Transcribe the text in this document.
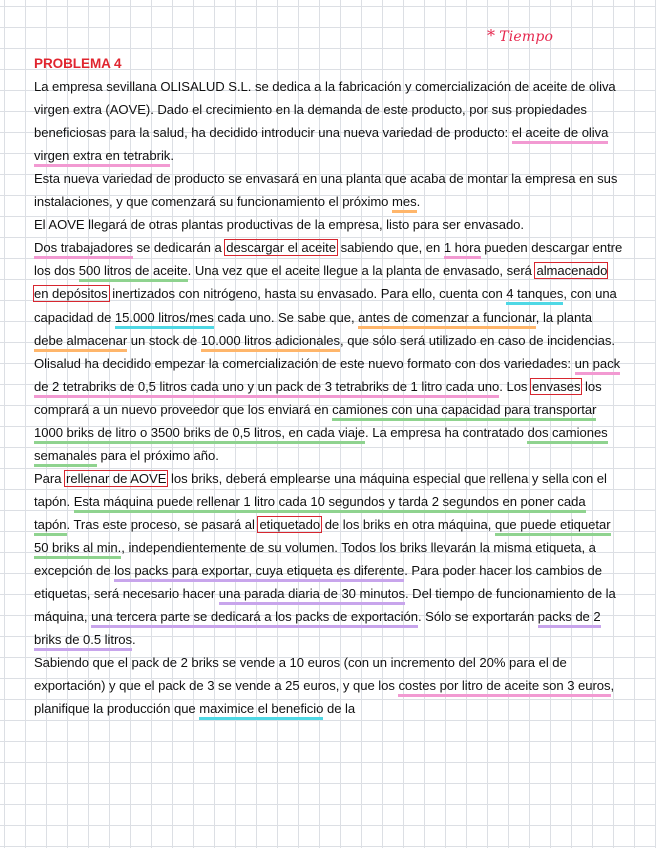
* Tiempo
PROBLEMA 4

La empresa sevillana OLISALUD S.L. se dedica a la fabricación y comercialización de aceite de oliva virgen extra (AOVE). Dado el crecimiento en la demanda de este producto, por sus propiedades beneficiosas para la salud, ha decidido introducir una nueva variedad de producto: el aceite de oliva virgen extra en tetrabrik.

Esta nueva variedad de producto se envasará en una planta que acaba de montar la empresa en sus instalaciones, y que comenzará su funcionamiento el próximo mes.

El AOVE llegará de otras plantas productivas de la empresa, listo para ser envasado.

Dos trabajadores se dedicarán a descargar el aceite sabiendo que, en 1 hora pueden descargar entre los dos 500 litros de aceite. Una vez que el aceite llegue a la planta de envasado, será almacenado en depósitos inertizados con nitrógeno, hasta su envasado. Para ello, cuenta con 4 tanques, con una capacidad de 15.000 litros/mes cada uno. Se sabe que, antes de comenzar a funcionar, la planta debe almacenar un stock de 10.000 litros adicionales, que sólo será utilizado en caso de incidencias.

Olisalud ha decidido empezar la comercialización de este nuevo formato con dos variedades: un pack de 2 tetrabriks de 0,5 litros cada uno y un pack de 3 tetrabriks de 1 litro cada uno. Los envases los comprará a un nuevo proveedor que los enviará en camiones con una capacidad para transportar 1000 briks de litro o 3500 briks de 0,5 litros, en cada viaje. La empresa ha contratado dos camiones semanales para el próximo año.

Para rellenar de AOVE los briks, deberá emplearse una máquina especial que rellena y sella con el tapón. Esta máquina puede rellenar 1 litro cada 10 segundos y tarda 2 segundos en poner cada tapón. Tras este proceso, se pasará al etiquetado de los briks en otra máquina, que puede etiquetar 50 briks al min., independientemente de su volumen. Todos los briks llevarán la misma etiqueta, a excepción de los packs para exportar, cuya etiqueta es diferente. Para poder hacer los cambios de etiquetas, será necesario hacer una parada diaria de 30 minutos. Del tiempo de funcionamiento de la máquina, una tercera parte se dedicará a los packs de exportación. Sólo se exportarán packs de 2 briks de 0.5 litros.

Sabiendo que el pack de 2 briks se vende a 10 euros (con un incremento del 20% para el de exportación) y que el pack de 3 se vende a 25 euros, y que los costes por litro de aceite son 3 euros, planifique la producción que maximice el beneficio de la
